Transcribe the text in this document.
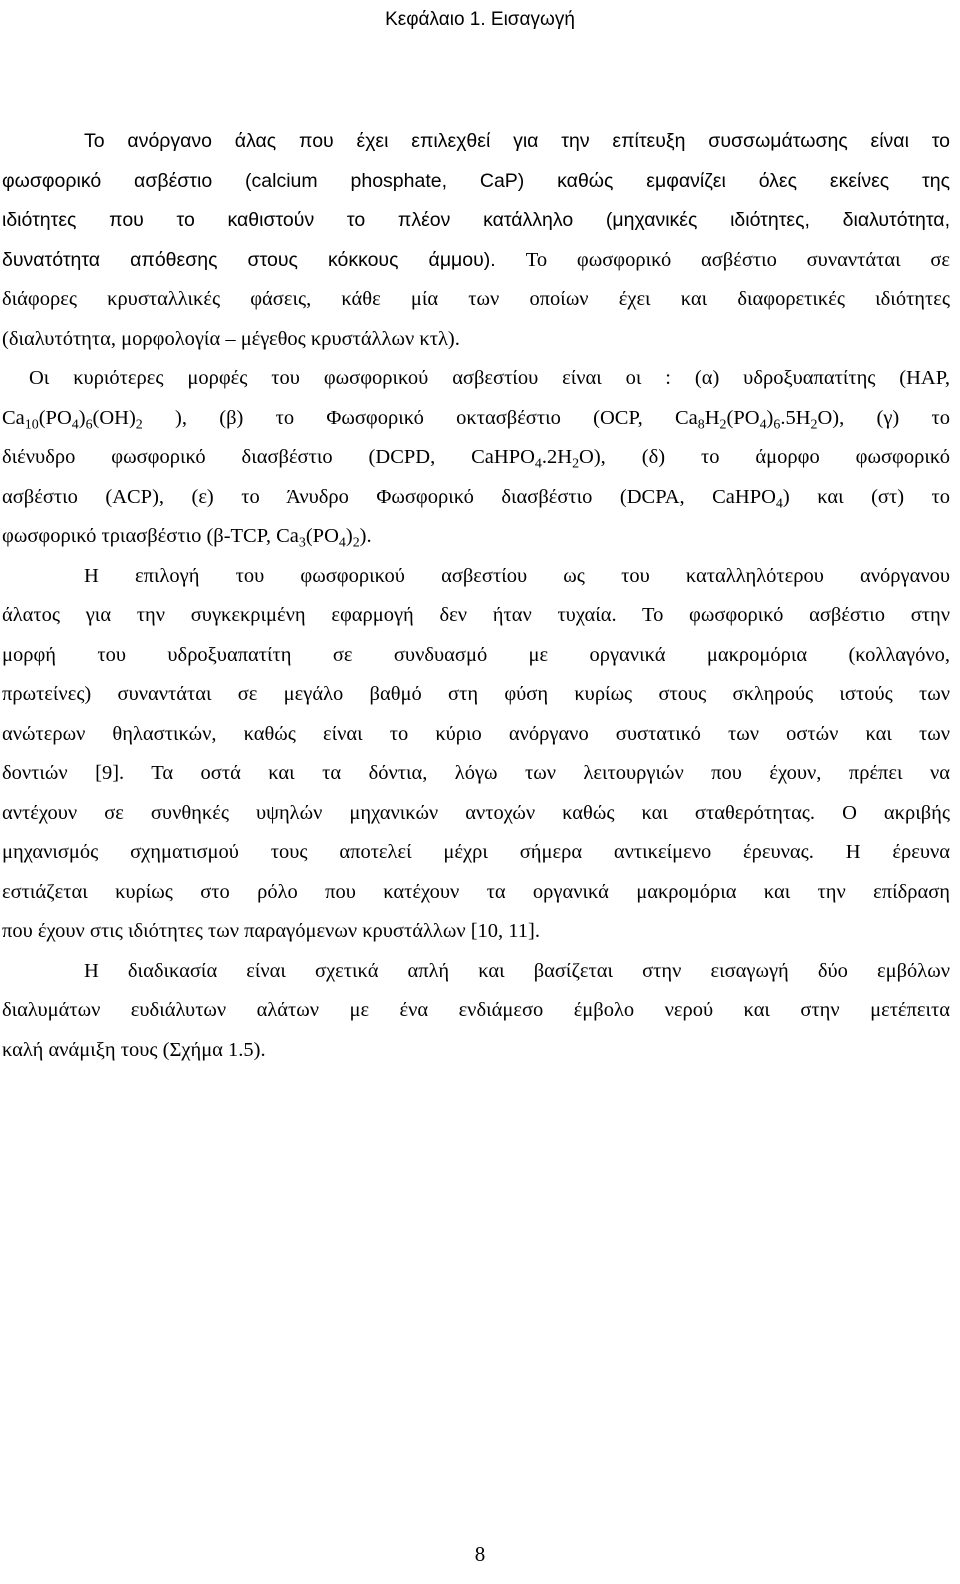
Κεφάλαιο 1. Εισαγωγή
Το ανόργανο άλας που έχει επιλεχθεί για την επίτευξη συσσωμάτωσης είναι το
φωσφορικό ασβέστιο (calcium phosphate, CaP) καθώς εμφανίζει όλες εκείνες της
ιδιότητες που το καθιστούν το πλέον κατάλληλο (μηχανικές ιδιότητες, διαλυτότητα,
δυνατότητα απόθεσης στους κόκκους άμμου). Το φωσφορικό ασβέστιο συναντάται σε
διάφορες κρυσταλλικές φάσεις, κάθε μία των οποίων έχει και διαφορετικές ιδιότητες
(διαλυτότητα, μορφολογία – μέγεθος κρυστάλλων κτλ).
Οι κυριότερες μορφές του φωσφορικού ασβεστίου είναι οι : (α) υδροξυαπατίτης (HAP,
$Ca_{10}(PO_4)_6(OH)_2$ ), (β) το Φωσφορικό οκτασβέστιο (OCP, $Ca_8H_2(PO_4)_6.5H_2O$), (γ) το
διένυδρο φωσφορικό διασβέστιο (DCPD, $CaHPO_4.2H_2O$), (δ) το άμορφο φωσφορικό
ασβέστιο (ACP), (ε) το Άνυδρο Φωσφορικό διασβέστιο (DCPA, CaHPO$_4$) και (στ) το
φωσφορικό τριασβέστιο (β-TCP, $Ca_3(PO_4)_2$).
Η επιλογή του φωσφορικού ασβεστίου ως του καταλληλότερου ανόργανου
άλατος για την συγκεκριμένη εφαρμογή δεν ήταν τυχαία. Το φωσφορικό ασβέστιο στην
μορφή του υδροξυαπατίτη σε συνδυασμό με οργανικά μακρομόρια (κολλαγόνο,
πρωτείνες) συναντάται σε μεγάλο βαθμό στη φύση κυρίως στους σκληρούς ιστούς των
ανώτερων θηλαστικών, καθώς είναι το κύριο ανόργανο συστατικό των οστών και των
δοντιών [9]. Τα οστά και τα δόντια, λόγω των λειτουργιών που έχουν, πρέπει να
αντέχουν σε συνθηκές υψηλών μηχανικών αντοχών καθώς και σταθερότητας. Ο ακριβής
μηχανισμός σχηματισμού τους αποτελεί μέχρι σήμερα αντικείμενο έρευνας. Η έρευνα
εστιάζεται κυρίως στο ρόλο που κατέχουν τα οργανικά μακρομόρια και την επίδραση
που έχουν στις ιδιότητες των παραγόμενων κρυστάλλων [10, 11].
Η διαδικασία είναι σχετικά απλή και βασίζεται στην εισαγωγή δύο εμβόλων
διαλυμάτων ευδιάλυτων αλάτων με ένα ενδιάμεσο έμβολο νερού και στην μετέπειτα
καλή ανάμιξη τους (Σχήμα 1.5).
8
